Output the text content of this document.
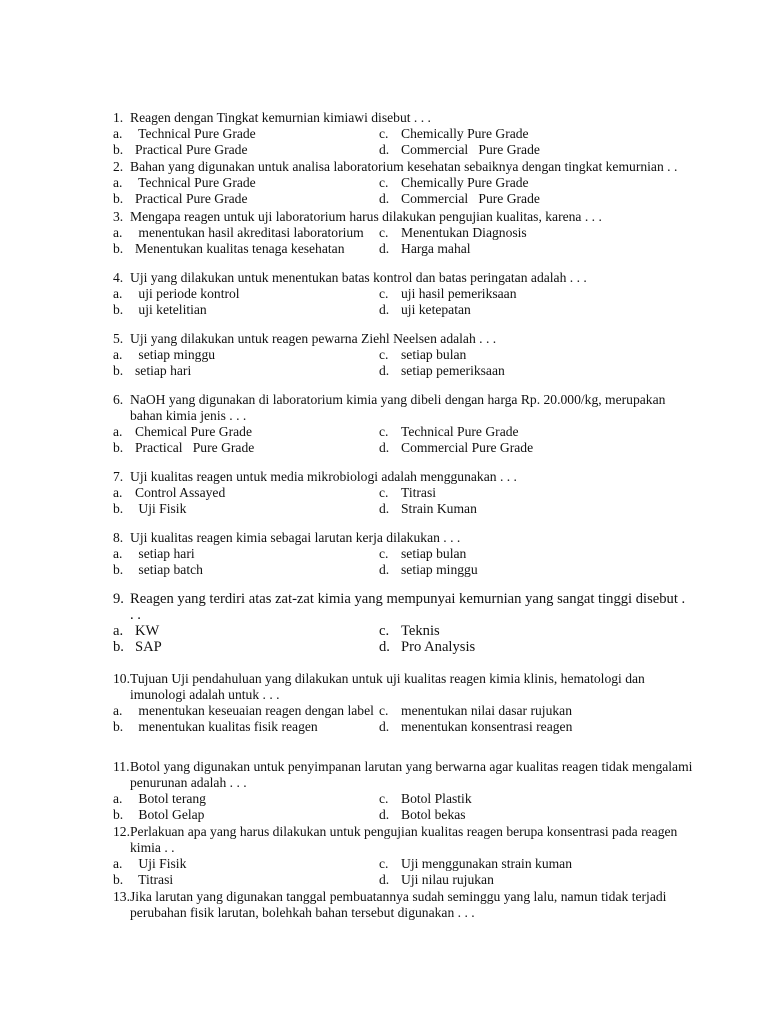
1. Reagen dengan Tingkat kemurnian kimiawi disebut . . .
a. Technical Pure Grade	c. Chemically Pure Grade
b. Practical Pure Grade	d. Commercial   Pure Grade
2. Bahan yang digunakan untuk analisa laboratorium kesehatan sebaiknya dengan tingkat kemurnian . .
a. Technical Pure Grade	c. Chemically Pure Grade
b. Practical Pure Grade	d. Commercial   Pure Grade
3. Mengapa reagen untuk uji laboratorium harus dilakukan pengujian kualitas, karena . . .
a. menentukan hasil akreditasi laboratorium c. Menentukan Diagnosis
b. Menentukan kualitas tenaga kesehatan	d. Harga mahal
4. Uji yang dilakukan untuk menentukan batas kontrol dan batas peringatan adalah . . .
a. uji periode kontrol	c. uji hasil pemeriksaan
b. uji ketelitian	d. uji ketepatan
5. Uji yang dilakukan untuk reagen pewarna Ziehl Neelsen adalah . . .
a. setiap minggu	c. setiap bulan
b. setiap hari	d. setiap pemeriksaan
6. NaOH yang digunakan di laboratorium kimia yang dibeli dengan harga Rp. 20.000/kg, merupakan
bahan kimia jenis . . .
a. Chemical Pure Grade	c. Technical Pure Grade
b. Practical   Pure Grade	d. Commercial Pure Grade
7. Uji kualitas reagen untuk media mikrobiologi adalah menggunakan . . .
a. Control Assayed	c. Titrasi
b. Uji Fisik	d. Strain Kuman
8. Uji kualitas reagen kimia sebagai larutan kerja dilakukan . . .
a. setiap hari	c. setiap bulan
b. setiap batch	d. setiap minggu
9. Reagen yang terdiri atas zat-zat kimia yang mempunyai kemurnian yang sangat tinggi disebut .
. .
a. KW	c. Teknis
b. SAP	d. Pro Analysis
10. Tujuan Uji pendahuluan yang dilakukan untuk uji kualitas reagen kimia klinis, hematologi dan
imunologi adalah untuk . . .
a. menentukan keseuaian reagen dengan label c. menentukan nilai dasar rujukan
b. menentukan kualitas fisik reagen	d. menentukan konsentrasi reagen
11. Botol yang digunakan untuk penyimpanan larutan yang berwarna agar kualitas reagen tidak mengalami
penurunan adalah . . .
a. Botol terang	c. Botol Plastik
b. Botol Gelap	d. Botol bekas
12. Perlakuan apa yang harus dilakukan untuk pengujian kualitas reagen berupa konsentrasi pada reagen
kimia . .
a. Uji Fisik	c. Uji menggunakan strain kuman
b. Titrasi	d. Uji nilau rujukan
13. Jika larutan yang digunakan tanggal pembuatannya sudah seminggu yang lalu, namun tidak terjadi
perubahan fisik larutan, bolehkah bahan tersebut digunakan . . .
